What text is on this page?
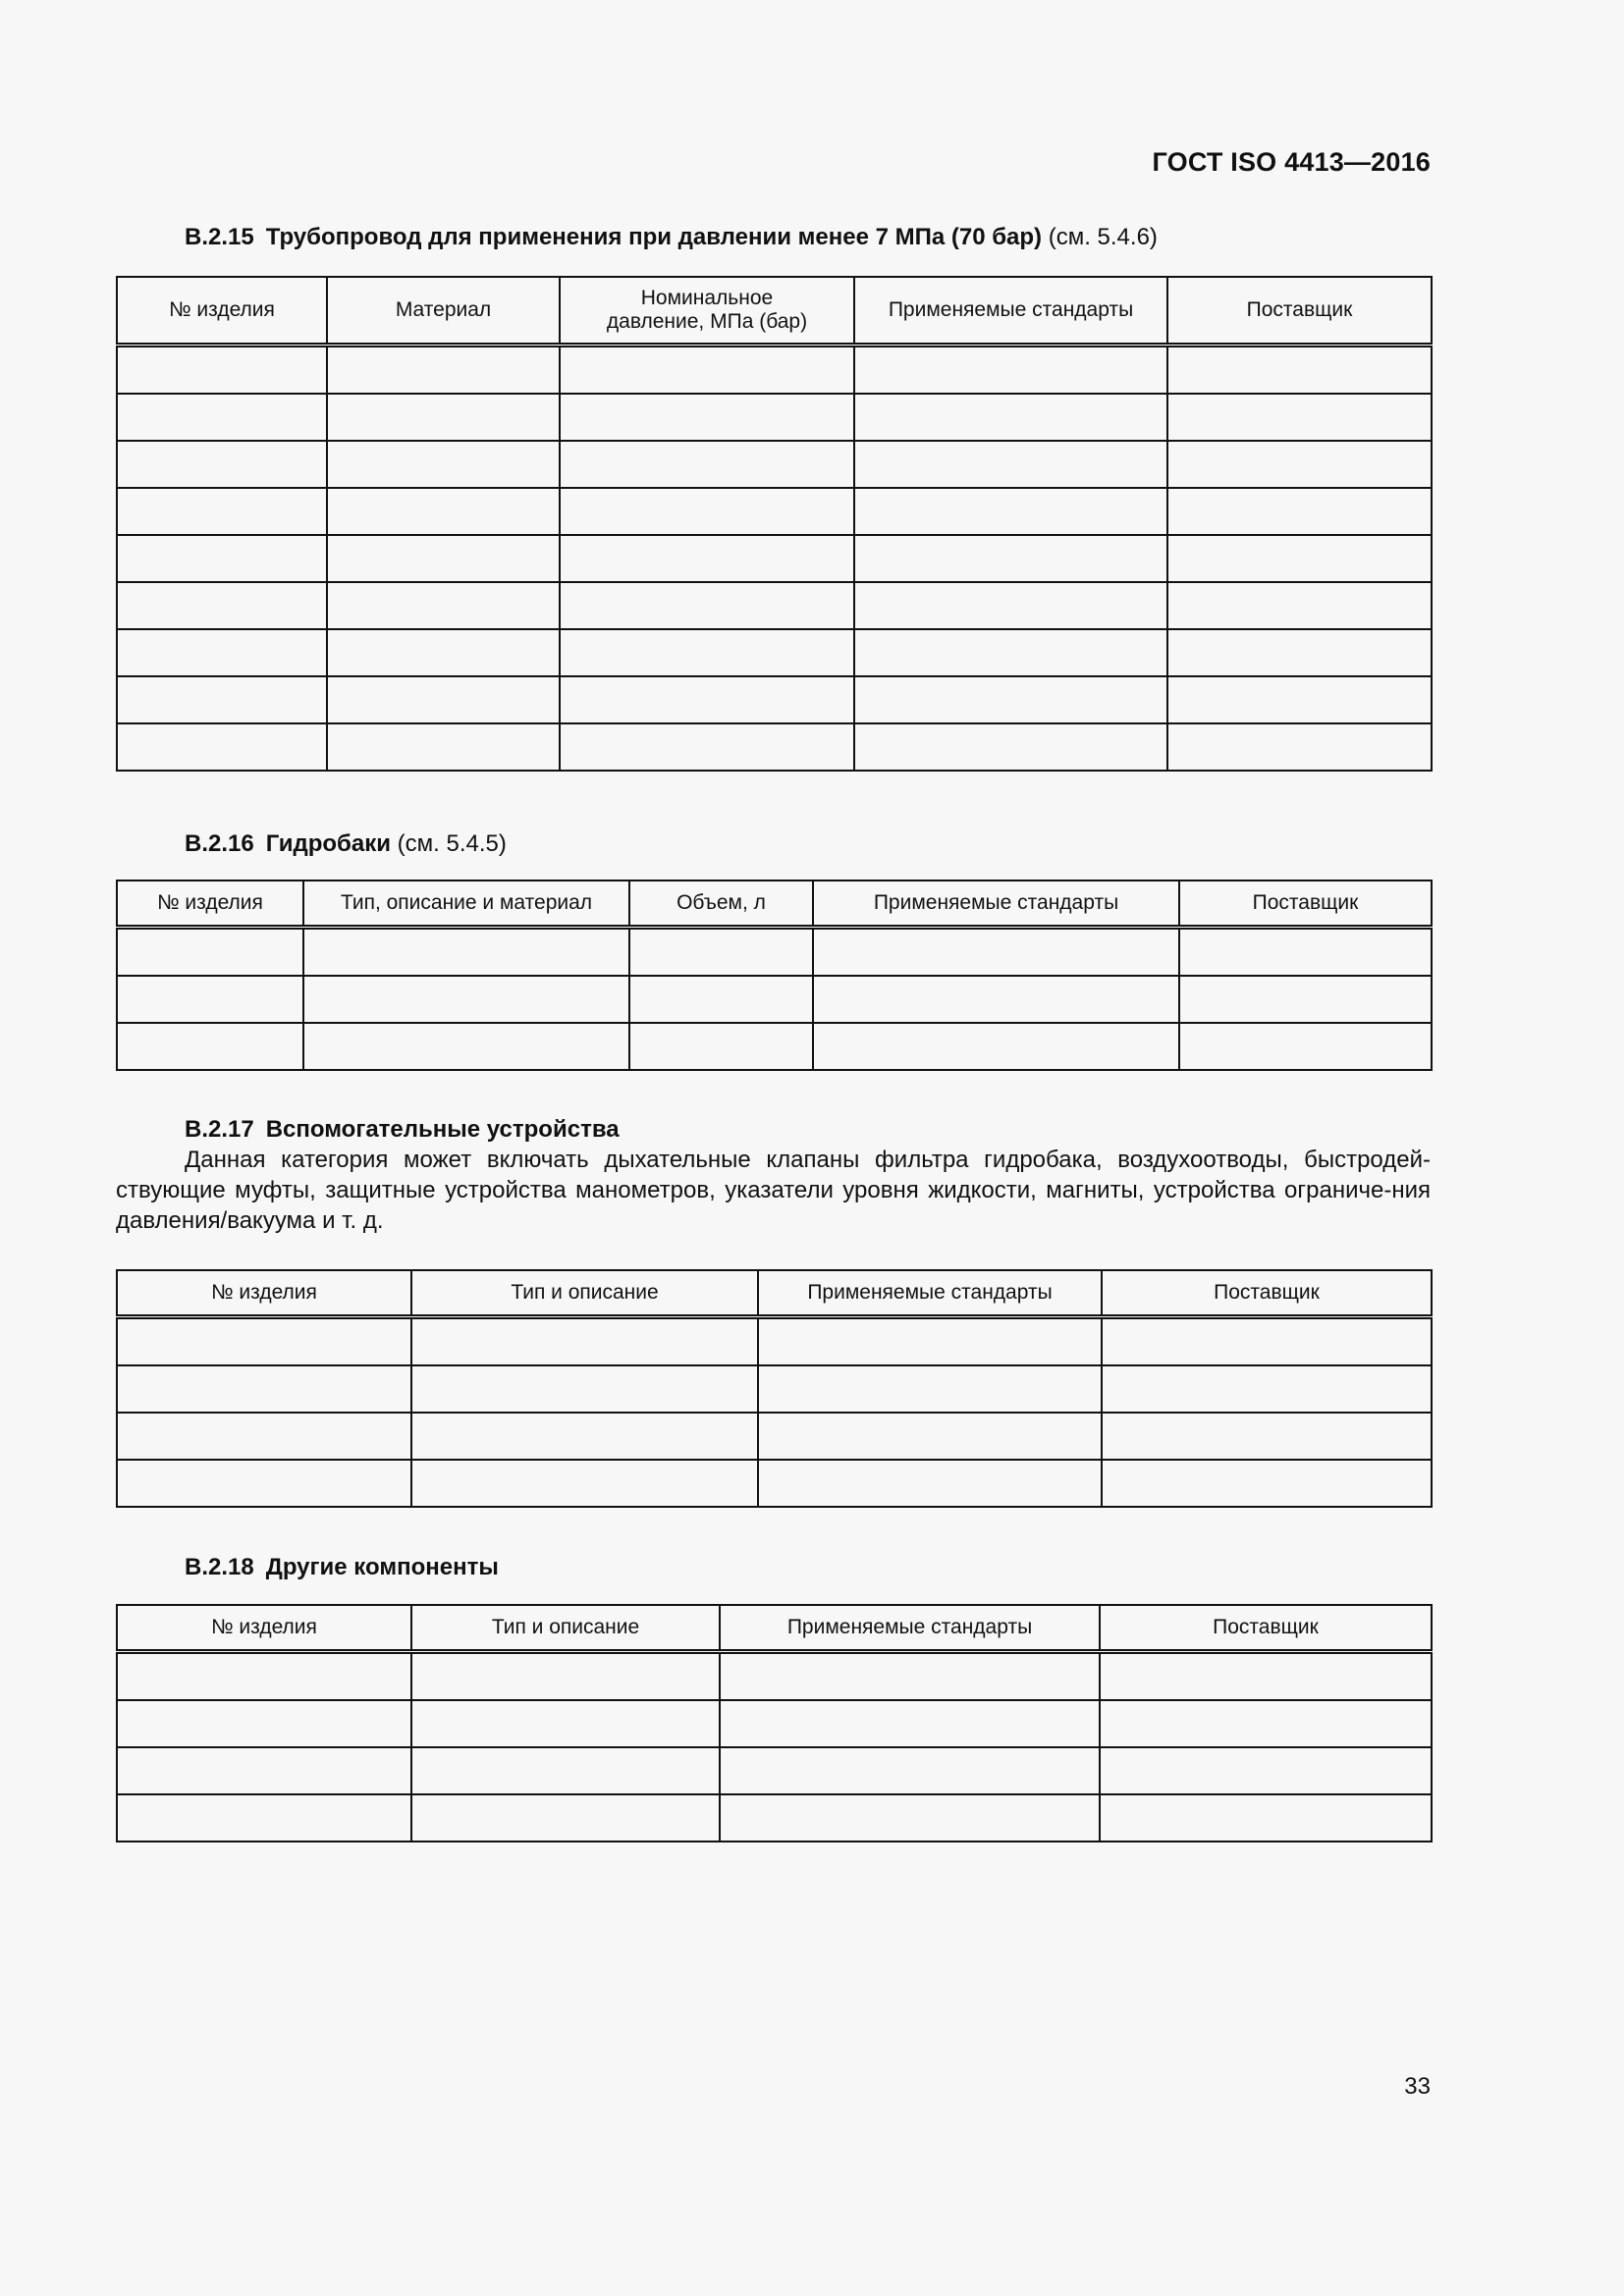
ГОСТ ISO 4413—2016
B.2.15 Трубопровод для применения при давлении менее 7 МПа (70 бар) (см. 5.4.6)
№ изделия	Материал	Номинальное давление, МПа (бар)	Применяемые стандарты	Поставщик

B.2.16 Гидробаки (см. 5.4.5)
№ изделия	Тип, описание и материал	Объем, л	Применяемые стандарты	Поставщик

B.2.17 Вспомогательные устройства
Данная категория может включать дыхательные клапаны фильтра гидробака, воздухоотводы, быстродей-ствующие муфты, защитные устройства манометров, указатели уровня жидкости, магниты, устройства ограниче-ния давления/вакуума и т. д.
№ изделия	Тип и описание	Применяемые стандарты	Поставщик

B.2.18 Другие компоненты
№ изделия	Тип и описание	Применяемые стандарты	Поставщик

33
